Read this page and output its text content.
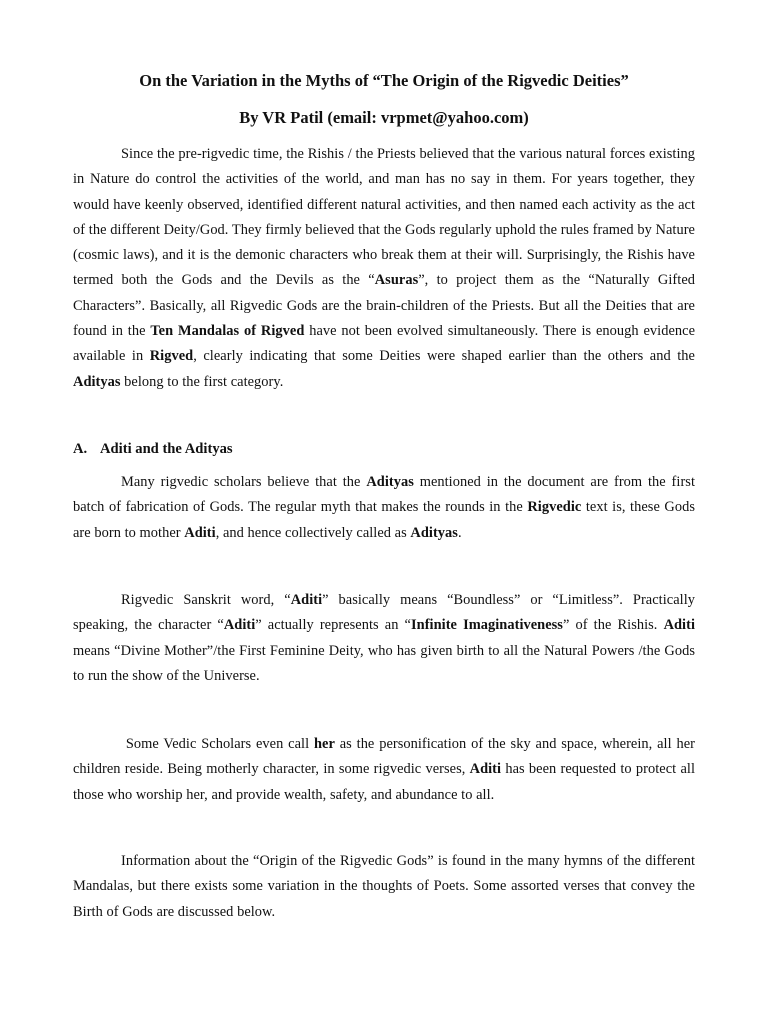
On the Variation in the Myths of “The Origin of the Rigvedic Deities”

By VR Patil (email: vrpmet@yahoo.com)

Since the pre-rigvedic time, the Rishis / the Priests believed that the various natural forces existing in Nature do control the activities of the world, and man has no say in them. For years together, they would have keenly observed, identified different natural activities, and then named each activity as the act of the different Deity/God. They firmly believed that the Gods regularly uphold the rules framed by Nature (cosmic laws), and it is the demonic characters who break them at their will. Surprisingly, the Rishis have termed both the Gods and the Devils as the “Asuras”, to project them as the “Naturally Gifted Characters”. Basically, all Rigvedic Gods are the brain-children of the Priests. But all the Deities that are found in the Ten Mandalas of Rigved have not been evolved simultaneously. There is enough evidence available in Rigved, clearly indicating that some Deities were shaped earlier than the others and the Adityas belong to the first category.

A. Aditi and the Adityas

Many rigvedic scholars believe that the Adityas mentioned in the document are from the first batch of fabrication of Gods. The regular myth that makes the rounds in the Rigvedic text is, these Gods are born to mother Aditi, and hence collectively called as Adityas.

Rigvedic Sanskrit word, “Aditi” basically means “Boundless” or “Limitless”. Practically speaking, the character “Aditi” actually represents an “Infinite Imaginativeness” of the Rishis. Aditi means “Divine Mother”/the First Feminine Deity, who has given birth to all the Natural Powers /the Gods to run the show of the Universe.

Some Vedic Scholars even call her as the personification of the sky and space, wherein, all her children reside. Being motherly character, in some rigvedic verses, Aditi has been requested to protect all those who worship her, and provide wealth, safety, and abundance to all.

Information about the “Origin of the Rigvedic Gods” is found in the many hymns of the different Mandalas, but there exists some variation in the thoughts of Poets. Some assorted verses that convey the Birth of Gods are discussed below.
